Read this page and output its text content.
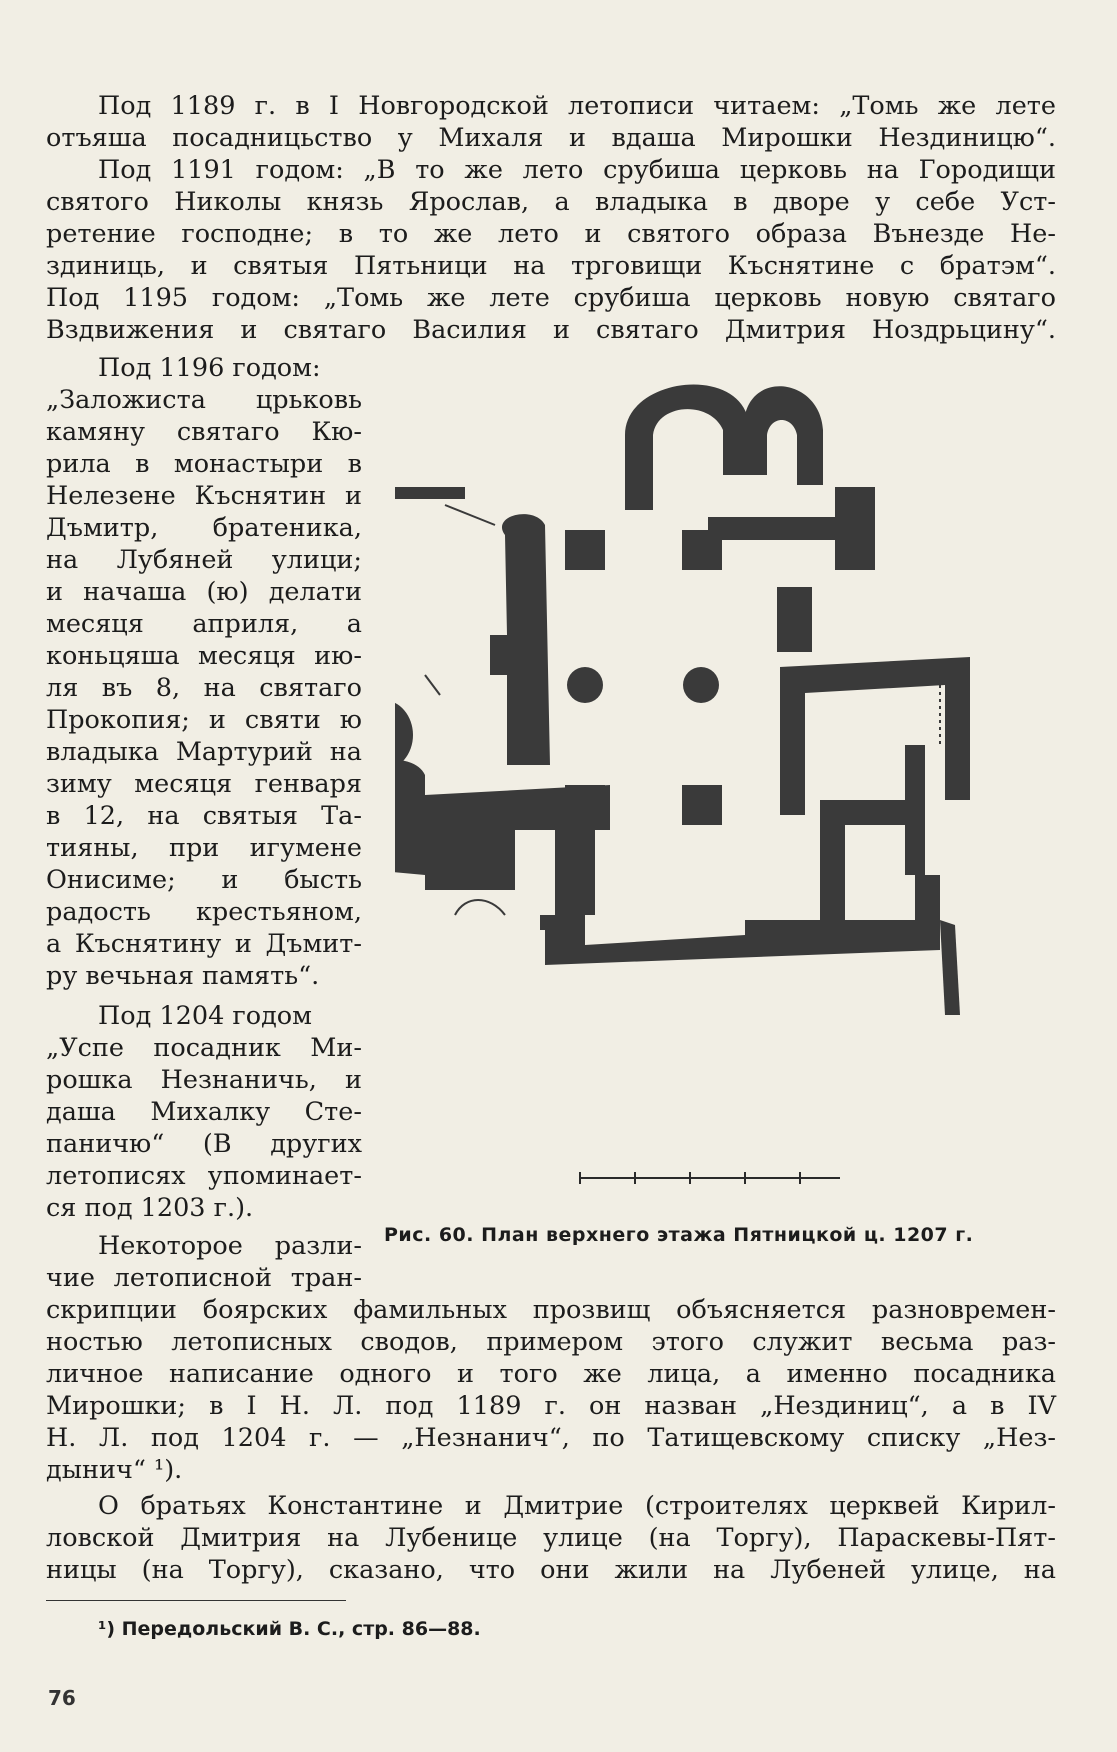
Под 1189 г. в I Новгородской летописи читаем: „Томь же лете
отъяша посадницьство у Михаля и вдаша Мирошки Нездиницю“.
Под 1191 годом: „В то же лето срубиша церковь на Городищи
святого Николы князь Ярослав, а владыка в дворе у себе Уст-
ретение господне; в то же лето и святого образа Вънезде Не-
здиниць, и святыя Пятьници на трговищи Къснятине с братэм“.
Под 1195 годом: „Томь же лете срубиша церковь новую святаго
Вздвижения и святаго Василия и святаго Дмитрия Ноздрьцину“.
Под 1196 годом:
„Заложиста црьковь
камяну святаго Кю-
рила в монастыри в
Нелезене Къснятин и
Дъмитр, братеника,
на Лубяней улици;
и начаша (ю) делати
месяця априля, а
коньцяша месяця ию-
ля въ 8, на святаго
Прокопия; и святи ю
владыка Мартурий на
зиму месяця генваря
в 12, на святыя Та-
тияны, при игумене
Онисиме; и бысть
радость крестьяном,
а Къснятину и Дъмит-
ру вечьная память“.
Под 1204 годом
„Успе посадник Ми-
рошка Незнаничь, и
даша Михалку Сте-
паничю“ (В других
летописях упоминает-
ся под 1203 г.).
Некоторое разли-
чие летописной тран-
Рис. 60. План верхнего этажа Пятницкой ц. 1207 г.
скрипции боярских фамильных прозвищ объясняется разновремен-
ностью летописных сводов, примером этого служит весьма раз-
личное написание одного и того же лица, а именно посадника
Мирошки; в I Н. Л. под 1189 г. он назван „Нездиниц“, а в IV
Н. Л. под 1204 г. — „Незнанич“, по Татищевскому списку „Нез-
дынич“ ¹).
О братьях Константине и Дмитрие (строителях церквей Кирил-
ловской Дмитрия на Лубенице улице (на Торгу), Параскевы-Пят-
ницы (на Торгу), сказано, что они жили на Лубеней улице, на
¹) Передольский В. С., стр. 86—88.
76
